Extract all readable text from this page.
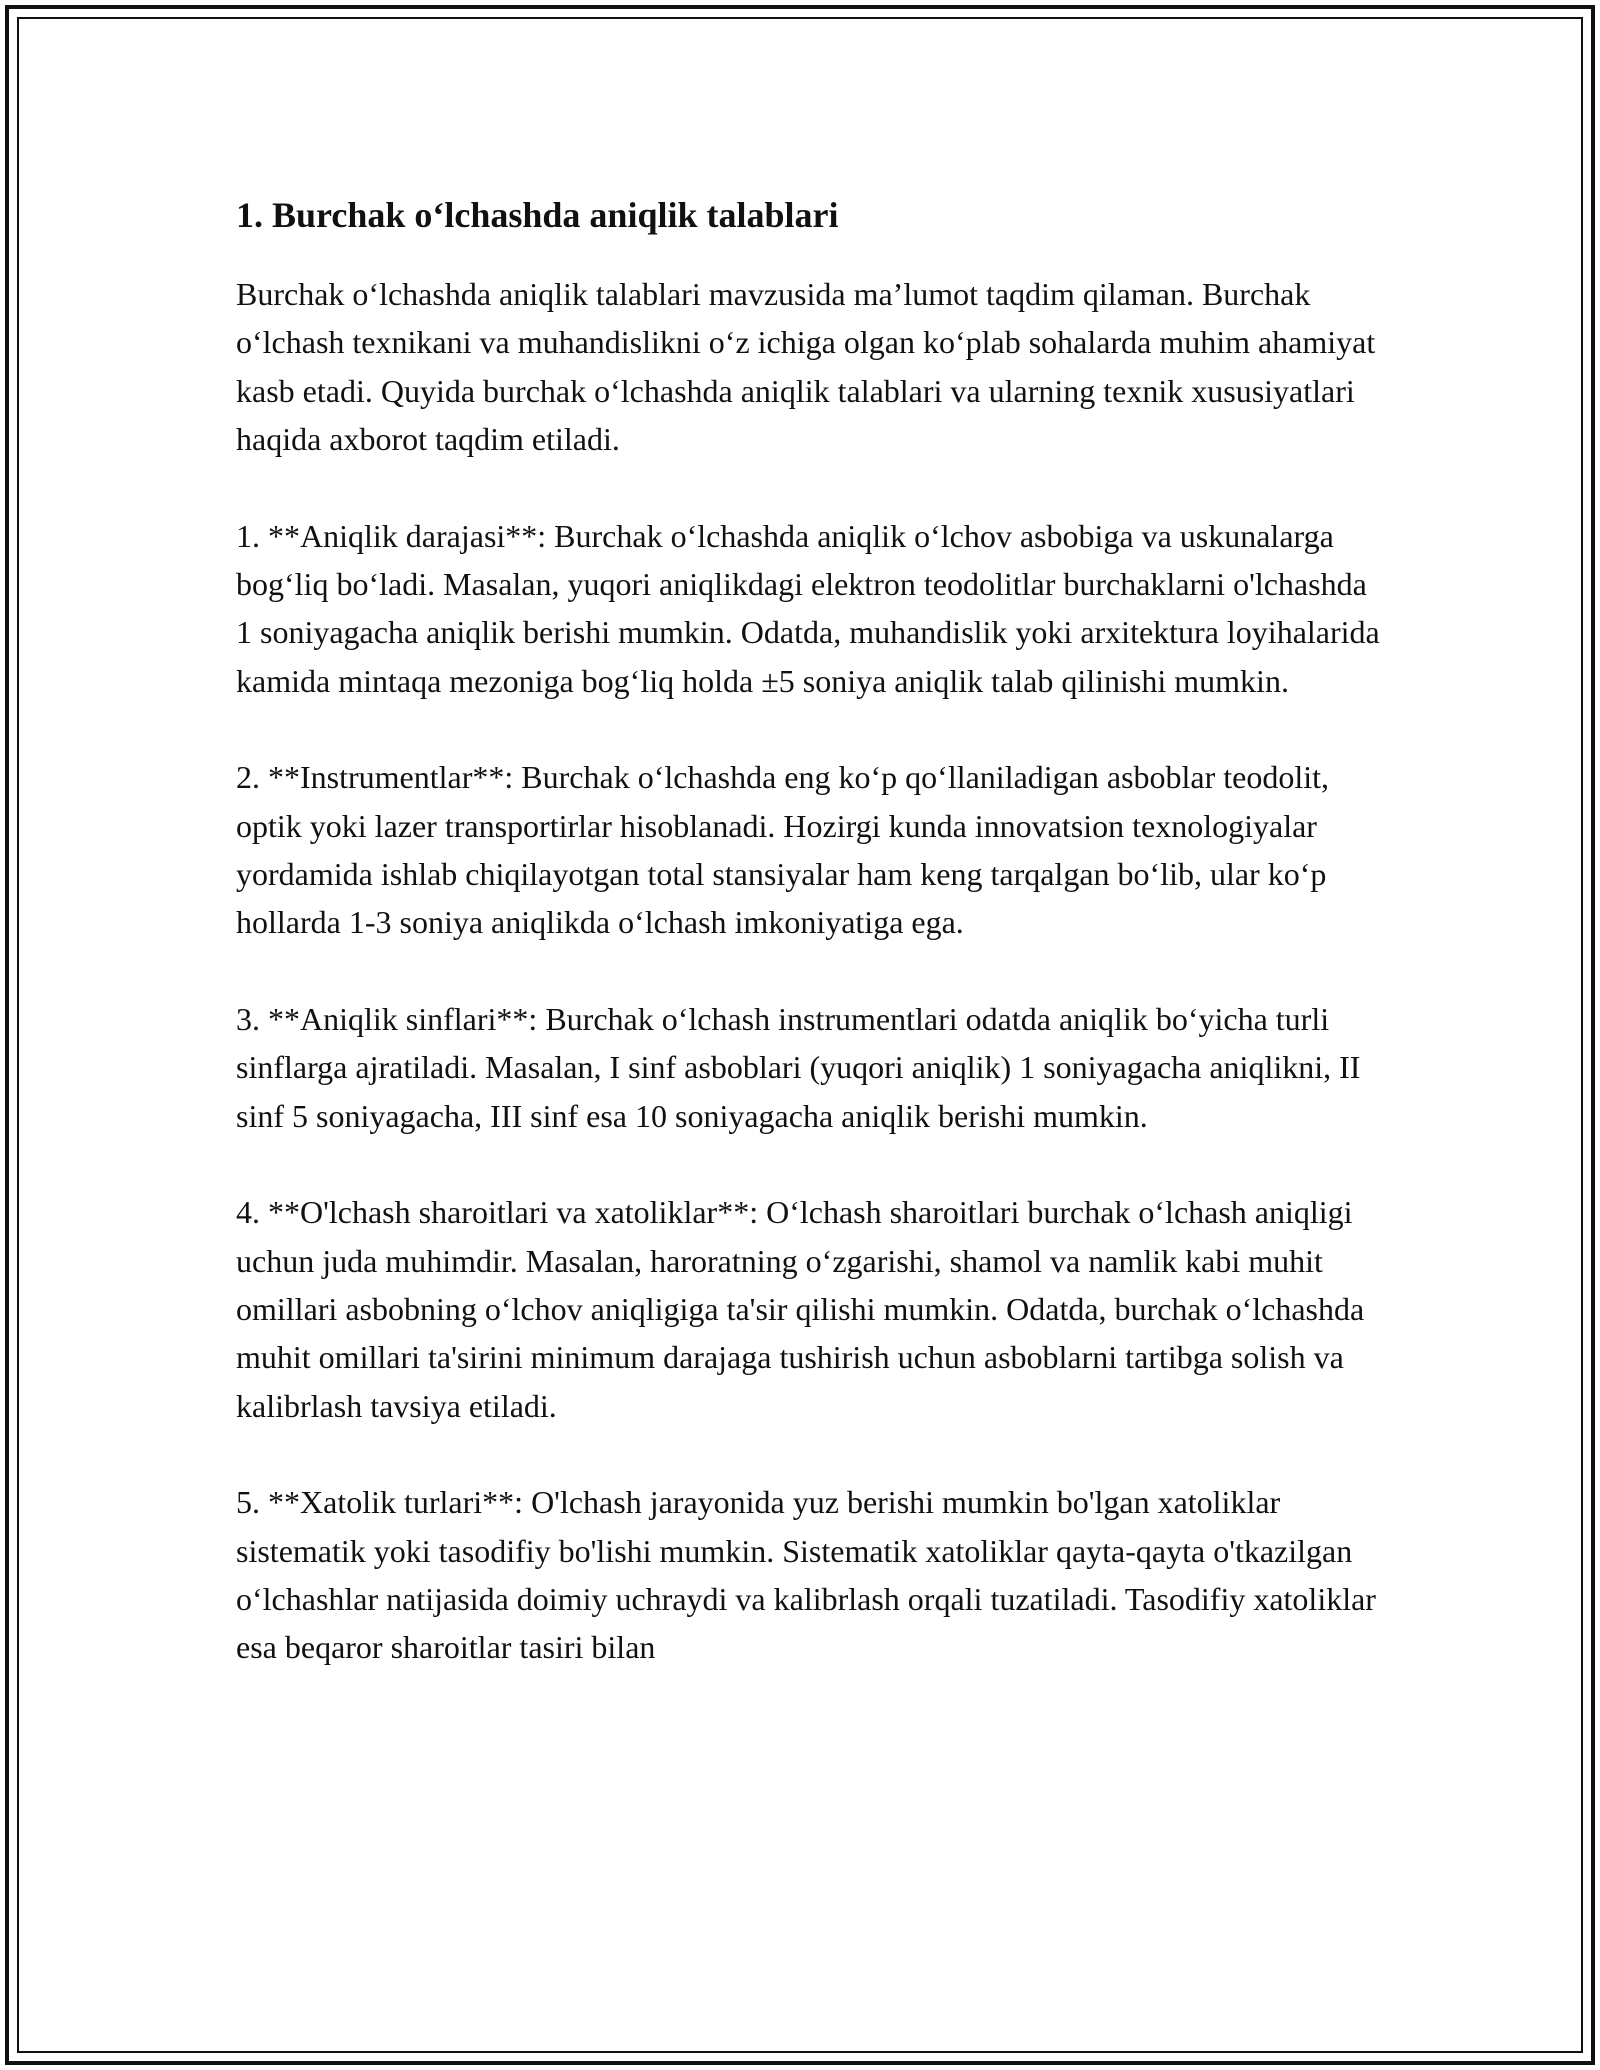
1. Burchak o‘lchashda aniqlik talablari

Burchak o‘lchashda aniqlik talablari mavzusida ma’lumot taqdim qilaman. Burchak o‘lchash texnikani va muhandislikni o‘z ichiga olgan ko‘plab sohalarda muhim ahamiyat kasb etadi. Quyida burchak o‘lchashda aniqlik talablari va ularning texnik xususiyatlari haqida axborot taqdim etiladi.

1. **Aniqlik darajasi**: Burchak o‘lchashda aniqlik o‘lchov asbobiga va uskunalarga bog‘liq bo‘ladi. Masalan, yuqori aniqlikdagi elektron teodolitlar burchaklarni o'lchashda 1 soniyagacha aniqlik berishi mumkin. Odatda, muhandislik yoki arxitektura loyihalarida kamida mintaqa mezoniga bog‘liq holda ±5 soniya aniqlik talab qilinishi mumkin.

2. **Instrumentlar**: Burchak o‘lchashda eng ko‘p qo‘llaniladigan asboblar teodolit, optik yoki lazer transportirlar hisoblanadi. Hozirgi kunda innovatsion texnologiyalar yordamida ishlab chiqilayotgan total stansiyalar ham keng tarqalgan bo‘lib, ular ko‘p hollarda 1-3 soniya aniqlikda o‘lchash imkoniyatiga ega.

3. **Aniqlik sinflari**: Burchak o‘lchash instrumentlari odatda aniqlik bo‘yicha turli sinflarga ajratiladi. Masalan, I sinf asboblari (yuqori aniqlik) 1 soniyagacha aniqlikni, II sinf 5 soniyagacha, III sinf esa 10 soniyagacha aniqlik berishi mumkin.

4. **O'lchash sharoitlari va xatoliklar**: O‘lchash sharoitlari burchak o‘lchash aniqligi uchun juda muhimdir. Masalan, haroratning o‘zgarishi, shamol va namlik kabi muhit omillari asbobning o‘lchov aniqligiga ta'sir qilishi mumkin. Odatda, burchak o‘lchashda muhit omillari ta'sirini minimum darajaga tushirish uchun asboblarni tartibga solish va kalibrlash tavsiya etiladi.

5. **Xatolik turlari**: O'lchash jarayonida yuz berishi mumkin bo'lgan xatoliklar sistematik yoki tasodifiy bo'lishi mumkin. Sistematik xatoliklar qayta-qayta o'tkazilgan o‘lchashlar natijasida doimiy uchraydi va kalibrlash orqali tuzatiladi. Tasodifiy xatoliklar esa beqaror sharoitlar tasiri bilan
